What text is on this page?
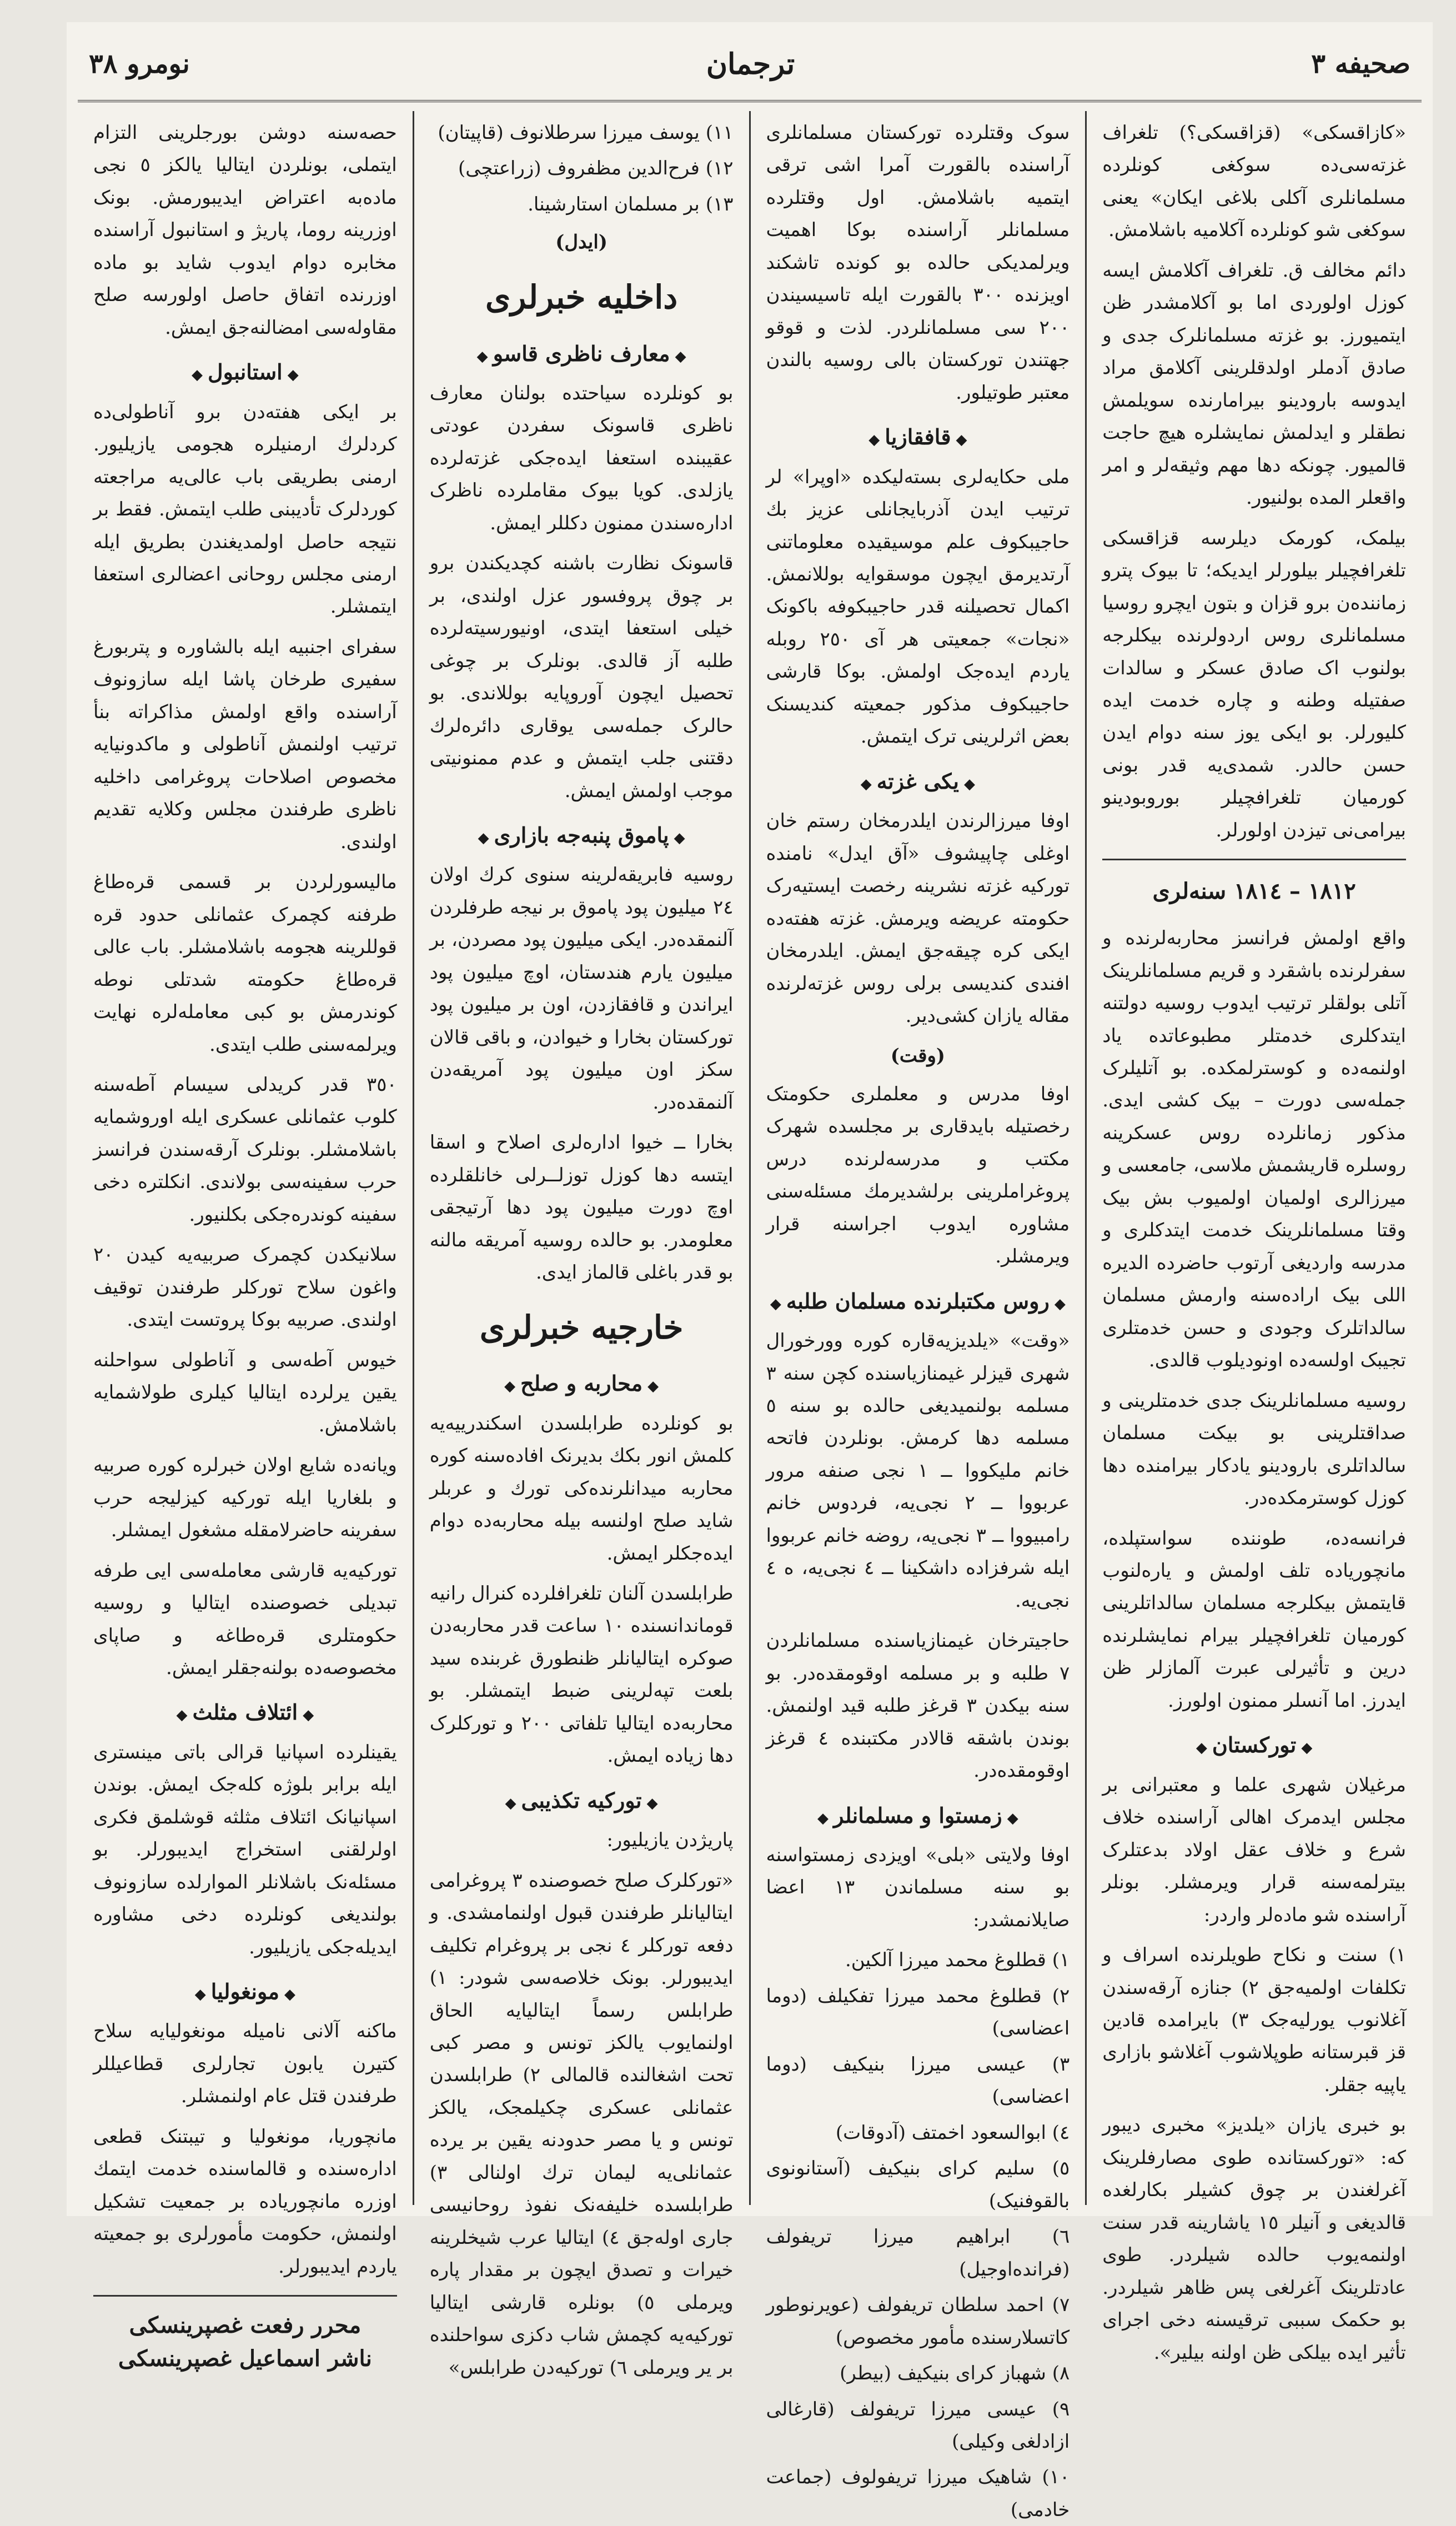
صحیفه ٣
ترجمان
نومرو ٣٨

«کازاقسکی» (قزاقسکی؟) تلغراف غزته‌سی‌ده سوکغی کونلرده مسلمانلری آکلی بلاغی ایکان» یعنی سوکغی شو کونلرده آکلامیه باشلامش.

دائم مخالف ق. تلغراف آکلامش ایسه کوزل اولوردی اما بو آکلامشدر ظن ایتمیورز. بو غزته مسلمانلرک جدی و صادق آدملر اولدقلرینی آکلامق مراد ایدوسه بارودینو بیرامارنده سویلمش نطقلر و ایدلمش نمایشلره هیچ حاجت قالمیور. چونکه دها مهم وثیقه‌لر و امر واقعلر المده بولنیور.

بیلمک، کورمک دیلرسه قزاقسکی تلغرافچیلر بیلورلر ایدیکه؛ تا بیوک پترو زماننده‌ن برو قزان و بتون ایچرو روسیا مسلمانلری روس اردولرنده بیکلرجه بولنوب اک صادق عسکر و سالدات صفتیله وطنه و چاره خدمت ایده کلیورلر. بو ایکی یوز سنه دوام ایدن حسن حالدر. شمدی‌یه قدر بونی کورمیان تلغرافچیلر بوروبودینو بیرامی‌نی تیزدن اولورلر.

١٨١٢ – ١٨١٤ سنه‌لری

واقع اولمش فرانسز محاربه‌لرنده و سفرلرنده باشقرد و قریم مسلمانلرینک آتلی بولقلر ترتیب ایدوب روسیه دولتنه ایتدکلری خدمتلر مطبوعاتده یاد اولنمه‌ده و کوسترلمکده. بو آتلیلرک جمله‌سی دورت – بیک کشی ایدی. مذکور زمانلرده روس عسکرینه روسلره قاریشمش ملاسی، جامعسی و میرزالری اولمیان اولمیوب بش بیک وقتا مسلمانلرینک خدمت ایتدکلری و مدرسه واردیغی آرتوب حاضرده الدیره اللی بیک اراده‌سنه وارمش مسلمان سالداتلرک وجودی و حسن خدمتلری تجیبک اولسه‌ده اونودیلوب قالدی.

روسیه مسلمانلرینک جدی خدمتلرینی و صداقتلرینی بو بیکت مسلمان سالداتلری بارودینو یادکار بیرامنده دها کوزل کوسترمکده‌در.

فرانسه‌ده، طوننده سواستپلده، مانچوریاده تلف اولمش و یارەلنوب قایتمش بیکلرجه مسلمان سالداتلرینی کورمیان تلغرافچیلر بیرام نمایشلرنده درین و تأثیرلی عبرت آلمازلر ظن ایدرز. اما آنسلر ممنون اولورز.

◆ توركستان ◆

مرغیلان شهری علما و معتبرانی بر مجلس ایدمرک اهالی آراسنده خلاف شرع و خلاف عقل اولاد بدعتلرک بیترلمه‌سنه قرار ویرمشلر. بونلر آراسنده شو ماده‌لر واردر:

١) سنت و نکاح طویلرنده اسراف و تکلفات اولمیه‌جق ٢) جنازه آرقه‌سندن آغلانوب یورلیه‌جک ٣) بایرامده قادین قز قبرستانه طوپلاشوب آغلاشو بازاری یاپیه جقلر.

بو خبری یازان «یلدیز» مخبری دیبور که: «توركستانده طوی مصارفلرینک آغرلغندن بر چوق کشیلر بکارلغده قالدیغی و آنیلر ١٥ یاشارینه قدر سنت اولنمه‌یوب حالده شیلردر. طوی عادتلرینک آغرلغی پس ظاهر شیلردر. بو حکمک سببی ترقیسنه دخی اجرای تأثیر ایده بیلکی ظن اولنه بیلیر».

سوک وقتلرده توركستان مسلمانلری آراسنده بالقورت آمرا اشی ترقی ایتمیه باشلامش. اول وقتلرده مسلمانلر آراسنده بوکا اهمیت ویرلمدیکی حالده بو کونده تاشکند اویزنده ٣٠٠ بالقورت ایله تاسیسیندن ٢٠٠ سی مسلمانلردر. لذت و قوقو جهتندن توركستان بالی روسیه بالندن معتبر طوتیلور.

◆ قافقازیا ◆

ملی حکایه‌لری بستەلیکده «اوپرا» لر ترتیب ایدن آذربایجانلی عزیز بك حاجیبکوف علم موسیقیده معلوماتنی آرتدیرمق ایچون موسقوایه بوللانمش. اکمال تحصیلنه قدر حاجیبکوفه باکونک «نجات» جمعیتی هر آی ٢٥٠ روبله یاردم ایده‌جک اولمش. بوکا قارشی حاجیبکوف مذکور جمعیته کندیسنک بعض اثرلرینی ترک ایتمش.

◆ یکی غزته ◆

اوفا میرزالرندن ایلدرمخان رستم خان اوغلی چاپیشوف «آق ایدل» نامنده توركیه غزته نشرینه رخصت ایستیەرک حکومته عریضه ویرمش. غزته هفته‌ده ایکی کره چیقه‌جق ایمش. ایلدرمخان افندی کندیسی برلی روس غزته‌لرنده مقاله یازان کشی‌دیر.

(وقت)

اوفا مدرس و معلملری حکومتک رخصتیله بایدقاری بر مجلسده شهرک مکتب و مدرسه‌لرنده درس پروغراملرینی برلشدیرمك مسئله‌سنی مشاوره ایدوب اجراسنه قرار ویرمشلر.

◆ روس مکتبلرنده مسلمان طلبه ◆

«وقت» «یلدیزیه‌قاره کوره وورخورال شهری قیزلر غیمنازیاسنده کچن سنه ٣ مسلمه بولنمیدیغی حالده بو سنه ٥ مسلمه دها کرمش. بونلردن فاتحه خانم ملیکووا ــ ١ نجی صنفه مرور عربووا ــ ٢ نجی‌یه، فردوس خانم رامبیووا ــ ٣ نجی‌یه، روضه خانم عربووا ایله شرفزاده داشکینا ــ ٤ نجی‌یه، ه ٤ نجی‌یه.

حاجیترخان غیمنازیاسنده مسلمانلردن ٧ طلبه و بر مسلمه اوقومقده‌در. بو سنه بیکدن ٣ قرغز طلبه قید اولنمش. بوندن باشقه قالادر مکتبنده ٤ قرغز اوقومقده‌در.

◆ زمستوا و مسلمانلر ◆

اوفا ولایتی «بلی» اویزدی زمستواسنه بو سنه مسلماندن ١٣ اعضا صایلانمشدر:

١) قطلوغ محمد میرزا آلکین.
٢) قطلوغ محمد میرزا تفکیلف (دوما اعضاسی)
٣) عیسی میرزا بنیکیف (دوما اعضاسی)
٤) ابوالسعود اخمتف (آدوقات)
٥) سلیم کرای بنیکیف (آستانونوی بالقوفنیک)
٦) ابراهیم میرزا تریفولف (فرانده‌اوجیل)
٧) احمد سلطان تریفولف (عویرنوطور کاتسلارسنده مأمور مخصوص)
٨) شهباز کرای بنیکیف (بیطر)
٩) عیسی میرزا تریفولف (قارغالی ازادلغی وکیلی)
١٠) شاهیک میرزا تریفولوف (جماعت خادمی)
١١) یوسف میرزا سرطلانوف (قاپیتان)
١٢) فرح‌الدین مظفروف (زراعتچی)
١٣) بر مسلمان استارشینا.
(ایدل)
داخلیه خبرلری
◆ معارف ناظری قاسو ◆

بو کونلرده سیاحتده بولنان معارف ناظری قاسونک سفردن عودتی عقیبنده استعفا ایده‌جکی غزته‌لرده یازلدی. کویا بیوک مقاملرده ناظرک ادارەسندن ممنون دکللر ایمش.

قاسونک نظارت باشنه کچدیکندن برو بر چوق پروفسور عزل اولندی، بر خیلی استعفا ایتدی، اونیورسیته‌لرده طلبه آز قالدی. بونلرک بر چوغی تحصیل ایچون آوروپایه بوللاندی. بو حالرک جمله‌سی یوقاری دائره‌لرك دقتنی جلب ایتمش و عدم ممنونیتی موجب اولمش ایمش.

◆ پاموق پنبه‌جه بازاری ◆

روسیه فابریقه‌لرینه سنوی کرك اولان ٢٤ میلیون پود پاموق بر نیجه طرفلردن آلنمقده‌در. ایکی میلیون پود مصردن، بر میلیون یارم هندستان، اوچ میلیون پود ایراندن و قافقازدن، اون بر میلیون پود توركستان بخارا و خیوادن، و باقی قالان سکز اون میلیون پود آمریقه‌دن آلنمقده‌در.

بخارا ــ خیوا ادارەلری اصلاح و اسقا ایتسه دها کوزل توزلــرلی خانلقلرده اوچ دورت میلیون پود دها آرتیجقی معلومدر. بو حالده روسیه آمریقه مالنه بو قدر باغلی قالماز ایدی.

خارجیه خبرلری
◆ محاربه و صلح ◆

بو کونلرده طرابلسدن اسکندرییه‌یه کلمش انور بکك بدیرنک افاده‌سنه کوره محاربه میدانلرنده‌کی تورك و عربلر شاید صلح اولنسه بیله محاربه‌ده دوام ایده‌جکلر ایمش.

طرابلسدن آلنان تلغرافلرده کنرال رانیه قوماندانسنده ١٠ ساعت قدر محاربه‌دن صوکره ایتالیانلر ظنطورق غربنده سید بلعت تپه‌لرینی ضبط ایتمشلر. بو محاربه‌ده ایتالیا تلفاتی ٢٠٠ و توركلرک دها زیاده ایمش.

◆ تورکیه تکذیبی ◆

پاریژدن یازیلیور:

«توركلرک صلح خصوصنده ٣ پروغرامی ایتالیانلر طرفندن قبول اولنمامشدی. و دفعه توركلر ٤ نجی بر پروغرام تکلیف ایدیبورلر. بونک خلاصه‌سی شودر: ١) طرابلس رسماً ایتالیایه الحاق اولنمایوب یالکز تونس و مصر کبی تحت اشغالنده قالمالی ٢) طرابلسدن عثمانلی عسکری چکیلمجک، یالکز تونس و یا مصر حدودنه یقین بر یرده عثمانلی‌یه لیمان ترك اولنالی ٣) طرابلسده خلیفه‌نک نفوذ روحانیسی جاری اوله‌جق ٤) ایتالیا عرب شیخلرینه خیرات و تصدق ایچون بر مقدار پاره ویرملی ٥) بونلره قارشی ایتالیا توركیه‌یه کچمش شاب دکزی سواحلنده بر یر ویرملی ٦) توركیه‌دن طرابلس»

حصه‌سنه دوشن بورجلرینی التزام ایتملی، بونلردن ایتالیا یالکز ٥ نجی ماده‌به اعتراض ایدیبورمش. بونک اوزرینه روما، پاریژ و استانبول آراسنده مخابره دوام ایدوب شاید بو ماده اوزرنده اتفاق حاصل اولورسه صلح مقاوله‌سی امضالنه‌جق ایمش.

◆ استانبول ◆

بر ایکی هفته‌دن برو آناطولی‌ده کردلرك ارمنیلره هجومی یازیلیور. ارمنی بطریقی باب عالی‌یه مراجعته کوردلرک تأدیبنی طلب ایتمش. فقط بر نتیجه حاصل اولمدیغندن بطریق ایله ارمنی مجلس روحانی اعضالری استعفا ایتمشلر.

سفرای اجنبیه ایله بالشاوره و پتربورغ سفیری طرخان پاشا ایله سازونوف آراسنده واقع اولمش مذاکراته بنأ ترتیب اولنمش آناطولی و ماکدونیایه مخصوص اصلاحات پروغرامی داخلیه ناظری طرفندن مجلس وکلایه تقدیم اولندی.

مالیسورلردن بر قسمی قره‌طاغ طرفنه کچمرک عثمانلی حدود قره قوللرینه هجومه باشلامشلر. باب عالی قره‌طاغ حکومته شدتلی نوطه کوندرمش بو کبی معامله‌لره نهایت ویرلمه‌سنی طلب ایتدی.

٣٥٠ قدر کریدلی سیسام آطه‌سنه کلوب عثمانلی عسکری ایله اوروشمایه باشلامشلر. بونلرک آرقه‌سندن فرانسز حرب سفینه‌سی بولاندی. انکلتره دخی سفینه کوندره‌جکی بکلنیور.

سلانیکدن کچمرک صربیه‌یه کیدن ٢٠ واغون سلاح توركلر طرفندن توقیف اولندی. صربیه بوکا پروتست ایتدی.

خیوس آطه‌سی و آناطولی سواحلنه یقین یرلرده ایتالیا کیلری طولاشمایه باشلامش.

ویانه‌ده شایع اولان خبرلره کوره صربیه و بلغاریا ایله توركیه کیزلیجه حرب سفرینه حاضرلامقله مشغول ایمشلر.

توركیه‌یه قارشی معامله‌سی ایی طرفه تبدیلی خصوصنده ایتالیا و روسیه حکومتلری قره‌طاغه و صاپای مخصوصه‌ده بولنه‌جقلر ایمش.

◆ ائتلاف مثلث ◆

یقینلرده اسپانیا قرالی باتی مینستری ایله برابر بلوژه کله‌جک ایمش. بوندن اسپانیانک ائتلاف مثلثه قوشلمق فکری اولرلقنی استخراج ایدیبورلر. بو مسئله‌نک باشلانلر الموارلده سازونوف بولندیغی کونلرده دخی مشاوره ایدیله‌جکی یازیلیور.

◆ مونغولیا ◆

ماکنه آلانی نامیله مونغولیایه سلاح کتیرن یابون تجارلری قطاعیللر طرفندن قتل عام اولنمشلر.

مانچوریا، مونغولیا و تیبتنک قطعی اداره‌سنده و قالماسنده خدمت ایتمك اوزره مانچوریاده بر جمعیت تشکیل اولنمش، حکومت مأمورلری بو جمعیته یاردم ایدیبورلر.

محرر رفعت غصپرینسکی
ناشر اسماعیل غصپرینسکی
